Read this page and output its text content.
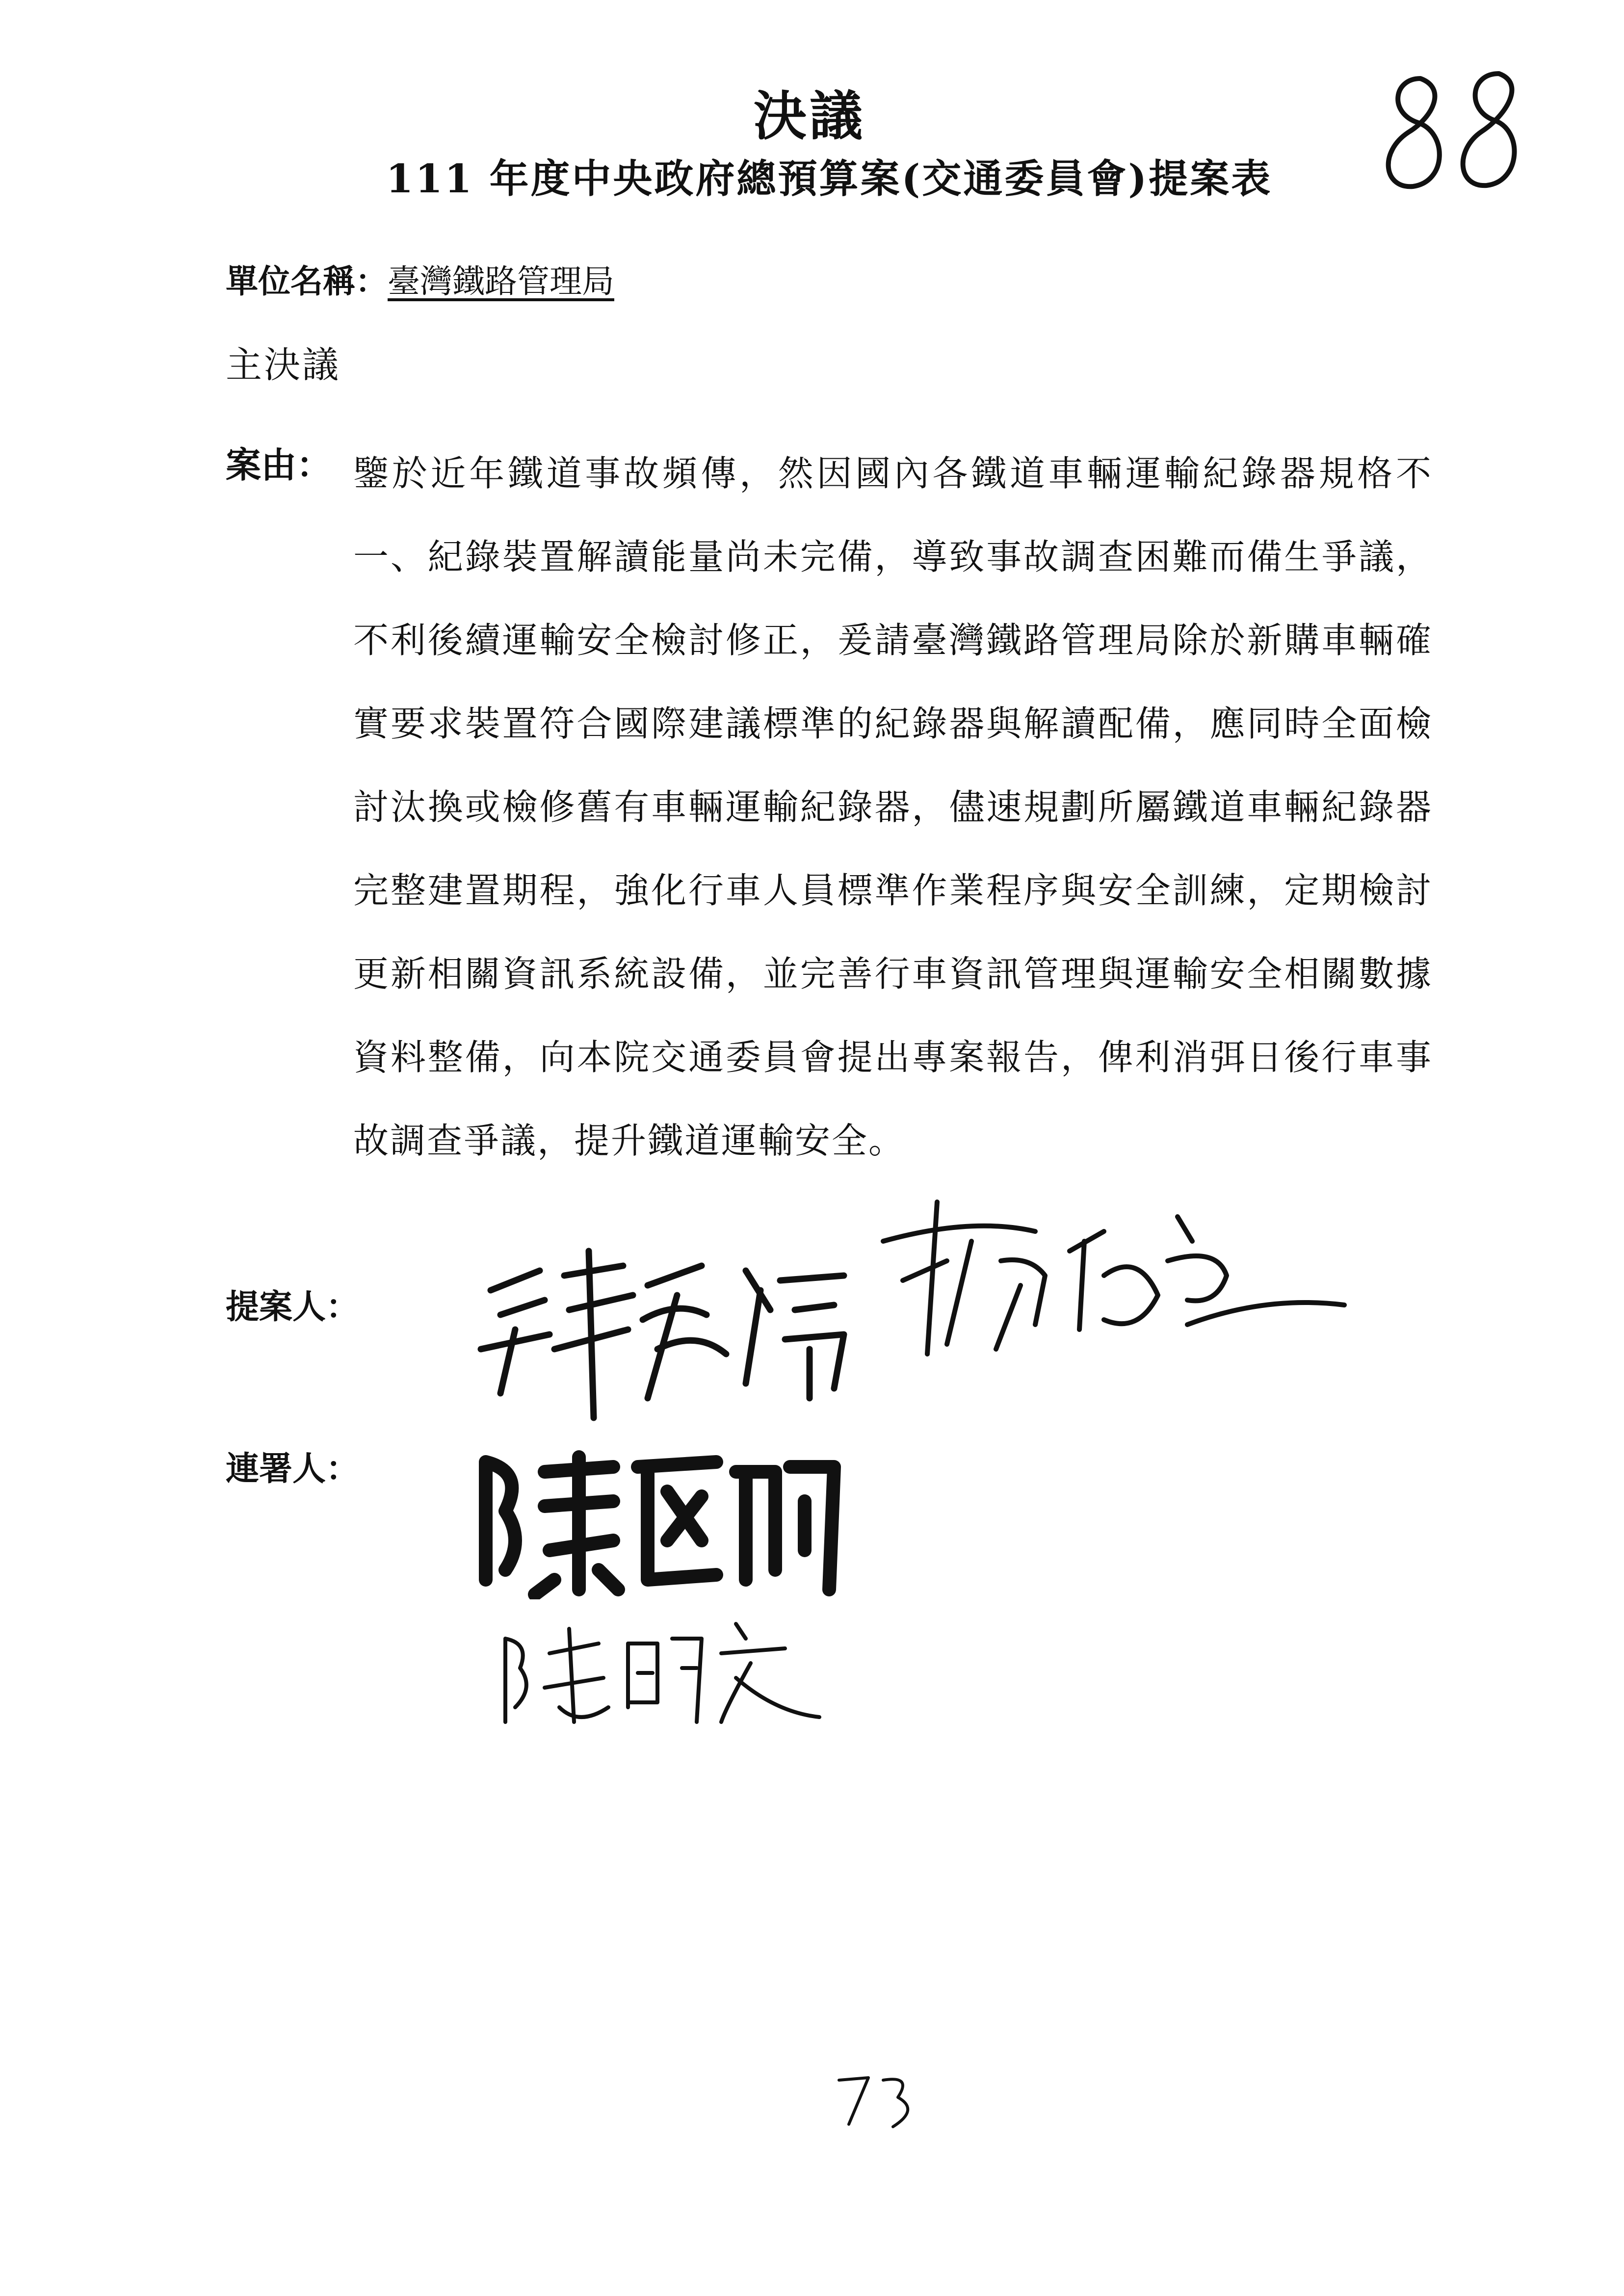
決議
111 年度中央政府總預算案(交通委員會)提案表
單位名稱：臺灣鐵路管理局
主決議
案由： 鑒於近年鐵道事故頻傳，然因國內各鐵道車輛運輸紀錄器規格不一、紀錄裝置解讀能量尚未完備，導致事故調查困難而備生爭議，不利後續運輸安全檢討修正，爰請臺灣鐵路管理局除於新購車輛確實要求裝置符合國際建議標準的紀錄器與解讀配備，應同時全面檢討汰換或檢修舊有車輛運輸紀錄器，儘速規劃所屬鐵道車輛紀錄器完整建置期程，強化行車人員標準作業程序與安全訓練，定期檢討更新相關資訊系統設備，並完善行車資訊管理與運輸安全相關數據資料整備，向本院交通委員會提出專案報告，俾利消弭日後行車事故調查爭議，提升鐵道運輸安全。
提案人：
連署人：
